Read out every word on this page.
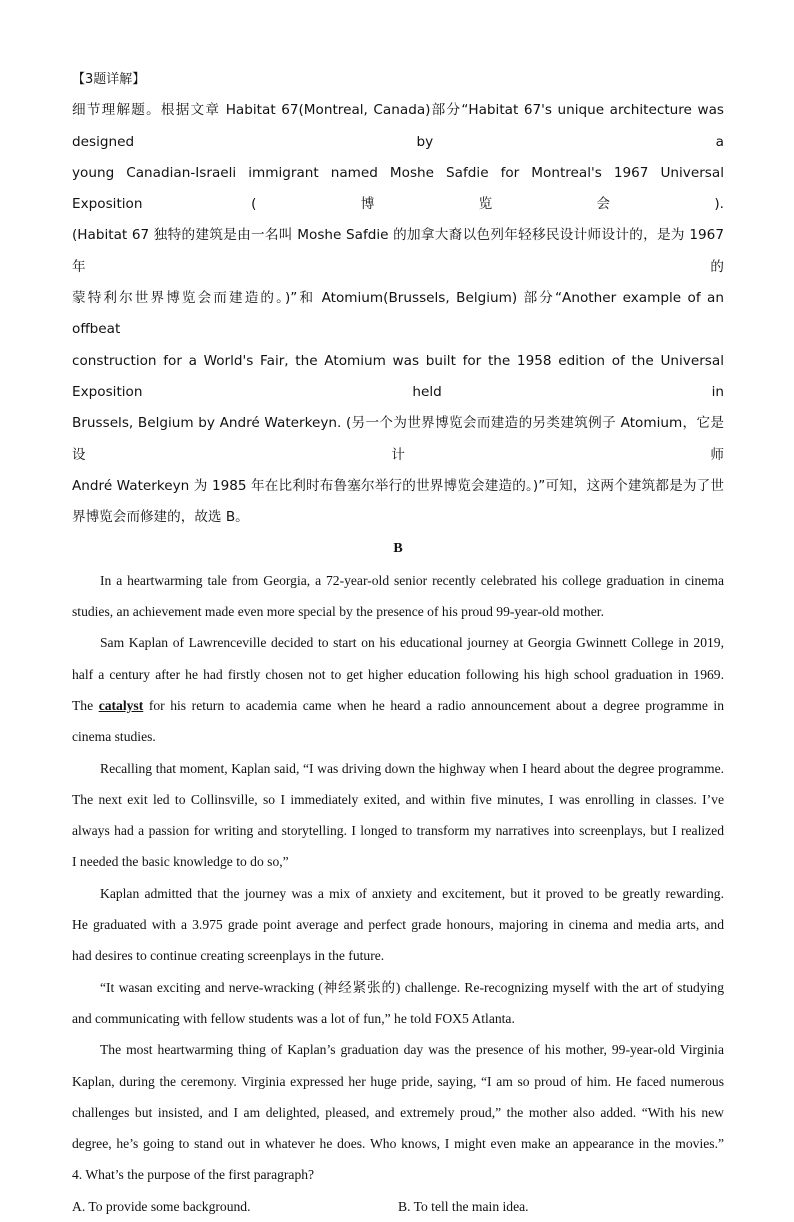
【3题详解】

细节理解题。根据文章 Habitat 67(Montreal, Canada)部分“Habitat 67's unique architecture was designed by a

young Canadian-Israeli immigrant named Moshe Safdie for Montreal's 1967 Universal Exposition (博览会).

(Habitat 67 独特的建筑是由一名叫 Moshe Safdie 的加拿大裔以色列年轻移民设计师设计的，是为 1967 年的

蒙特利尔世界博览会而建造的。)”和 Atomium(Brussels, Belgium) 部分“Another example of an offbeat

construction for a World's Fair, the Atomium was built for the 1958 edition of the Universal Exposition held in

Brussels, Belgium by André Waterkeyn. (另一个为世界博览会而建造的另类建筑例子 Atomium，它是设计师

André Waterkeyn 为 1985 年在比利时布鲁塞尔举行的世界博览会建造的。)”可知，这两个建筑都是为了世

界博览会而修建的，故选 B。

B

In a heartwarming tale from Georgia, a 72-year-old senior recently celebrated his college graduation in cinema

studies, an achievement made even more special by the presence of his proud 99-year-old mother.

Sam Kaplan of Lawrenceville decided to start on his educational journey at Georgia Gwinnett College in 2019,

half a century after he had firstly chosen not to get higher education following his high school graduation in 1969.

The catalyst for his return to academia came when he heard a radio announcement about a degree programme in

cinema studies.

Recalling that moment, Kaplan said, “I was driving down the highway when I heard about the degree programme.

The next exit led to Collinsville, so I immediately exited, and within five minutes, I was enrolling in classes. I’ve

always had a passion for writing and storytelling. I longed to transform my narratives into screenplays, but I realized

I needed the basic knowledge to do so,”

Kaplan admitted that the journey was a mix of anxiety and excitement, but it proved to be greatly rewarding.

He graduated with a 3.975 grade point average and perfect grade honours, majoring in cinema and media arts, and

had desires to continue creating screenplays in the future.

“It wasan exciting and nerve-wracking (神经紧张的) challenge. Re-recognizing myself with the art of studying

and communicating with fellow students was a lot of fun,” he told FOX5 Atlanta.

The most heartwarming thing of Kaplan’s graduation day was the presence of his mother, 99-year-old Virginia

Kaplan, during the ceremony. Virginia expressed her huge pride, saying, “I am so proud of him. He faced numerous

challenges but insisted, and I am delighted, pleased, and extremely proud,” the mother also added. “With his new

degree, he’s going to stand out in whatever he does. Who knows, I might even make an appearance in the movies.”

4. What’s the purpose of the first paragraph?

A. To provide some background.	B. To tell the main idea.
